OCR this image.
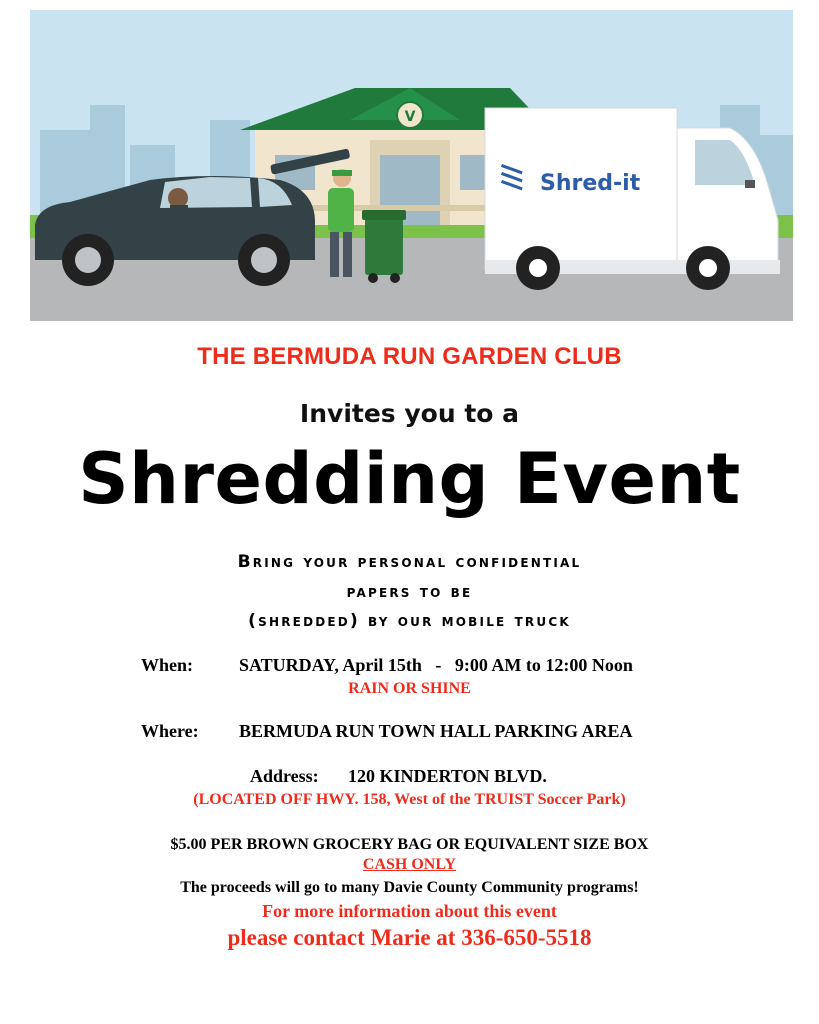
V
Shred-it
THE BERMUDA RUN GARDEN CLUB
Invites you to a
Shredding Event
Bring your personal confidential
papers to be
(shredded) by our mobile truck
When:	SATURDAY, April 15th   -   9:00 AM to 12:00 Noon
RAIN OR SHINE
Where: BERMUDA RUN TOWN HALL PARKING AREA
Address: 120 KINDERTON BLVD.
(LOCATED OFF HWY. 158, West of the TRUIST Soccer Park)
$5.00 PER BROWN GROCERY BAG OR EQUIVALENT SIZE BOX
CASH ONLY
The proceeds will go to many Davie County Community programs!
For more information about this event
please contact Marie at 336-650-5518
